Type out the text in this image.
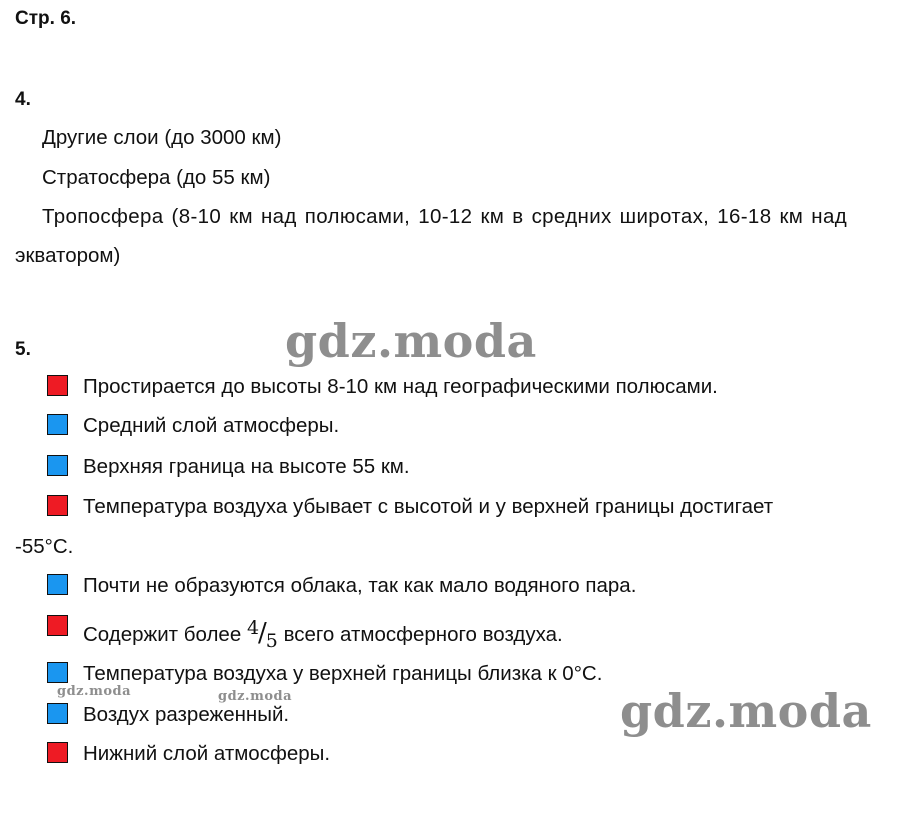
Стр. 6.
4.
Другие слои (до 3000 км)
Стратосфера (до 55 км)
Тропосфера (8-10 км над полюсами, 10-12 км в средних широтах, 16-18 км над
экватором)
5.
Простирается до высоты 8-10 км над географическими полюсами.
Средний слой атмосферы.
Верхняя граница на высоте 55 км.
Температура воздуха убывает с высотой и у верхней границы достигает
-55°C.
Почти не образуются облака, так как мало водяного пара.
Содержит более 4/5 всего атмосферного воздуха.
Температура воздуха у верхней границы близка к 0°C.
Воздух разреженный.
Нижний слой атмосферы.
gdz.moda
gdz.moda
gdz.moda	gdz.moda
